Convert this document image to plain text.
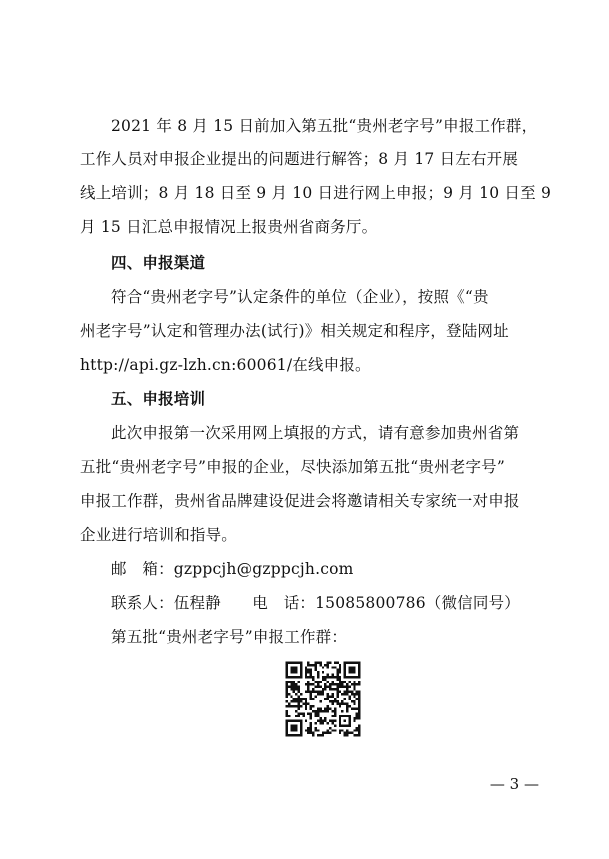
2021 年 8 月 15 日前加入第五批“贵州老字号”申报工作群，
工作人员对申报企业提出的问题进行解答；8 月 17 日左右开展
线上培训；8 月 18 日至 9 月 10 日进行网上申报；9 月 10 日至 9
月 15 日汇总申报情况上报贵州省商务厅。
四、申报渠道
符合“贵州老字号”认定条件的单位（企业），按照《“贵
州老字号”认定和管理办法(试行)》相关规定和程序，登陆网址
http://api.gz-lzh.cn:60061/在线申报。
五、申报培训
此次申报第一次采用网上填报的方式，请有意参加贵州省第
五批“贵州老字号”申报的企业，尽快添加第五批“贵州老字号”
申报工作群，贵州省品牌建设促进会将邀请相关专家统一对申报
企业进行培训和指导。
邮　箱：gzppcjh@gzppcjh.com
联系人：伍程静　　电　话：15085800786（微信同号）
第五批“贵州老字号”申报工作群：
— 3 —
